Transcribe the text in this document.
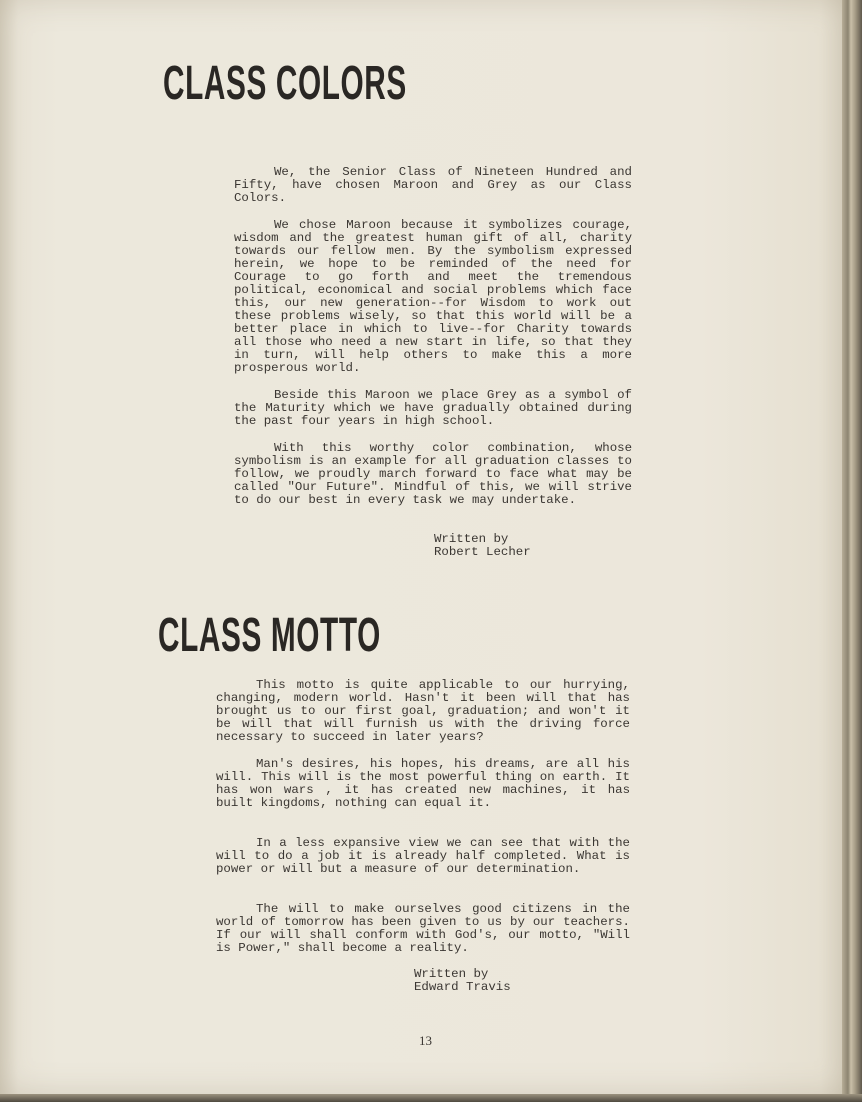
CLASS COLORS

We, the Senior Class of Nineteen Hundred and Fifty, have chosen Maroon and Grey as our Class Colors.

We chose Maroon because it symbolizes courage, wisdom and the greatest human gift of all, charity towards our fellow men. By the symbolism expressed herein, we hope to be reminded of the need for Courage to go forth and meet the tremendous political, economical and social problems which face this, our new generation--for Wisdom to work out these problems wisely, so that this world will be a better place in which to live--for Charity towards all those who need a new start in life, so that they in turn, will help others to make this a more prosperous world.

Beside this Maroon we place Grey as a symbol of the Maturity which we have gradually obtained during the past four years in high school.

With this worthy color combination, whose symbolism is an example for all graduation classes to follow, we proudly march forward to face what may be called "Our Future". Mindful of this, we will strive to do our best in every task we may undertake.

Written by
Robert Lecher
CLASS MOTTO

This motto is quite applicable to our hurrying, changing, modern world. Hasn't it been will that has brought us to our first goal, graduation; and won't it be will that will furnish us with the driving force necessary to succeed in later years?

Man's desires, his hopes, his dreams, are all his will. This will is the most powerful thing on earth. It has won wars , it has created new machines, it has built kingdoms, nothing can equal it.

In a less expansive view we can see that with the will to do a job it is already half completed. What is power or will but a measure of our determination.

The will to make ourselves good citizens in the world of tomorrow has been given to us by our teachers. If our will shall conform with God's, our motto, "Will is Power," shall become a reality.

Written by
Edward Travis

13
